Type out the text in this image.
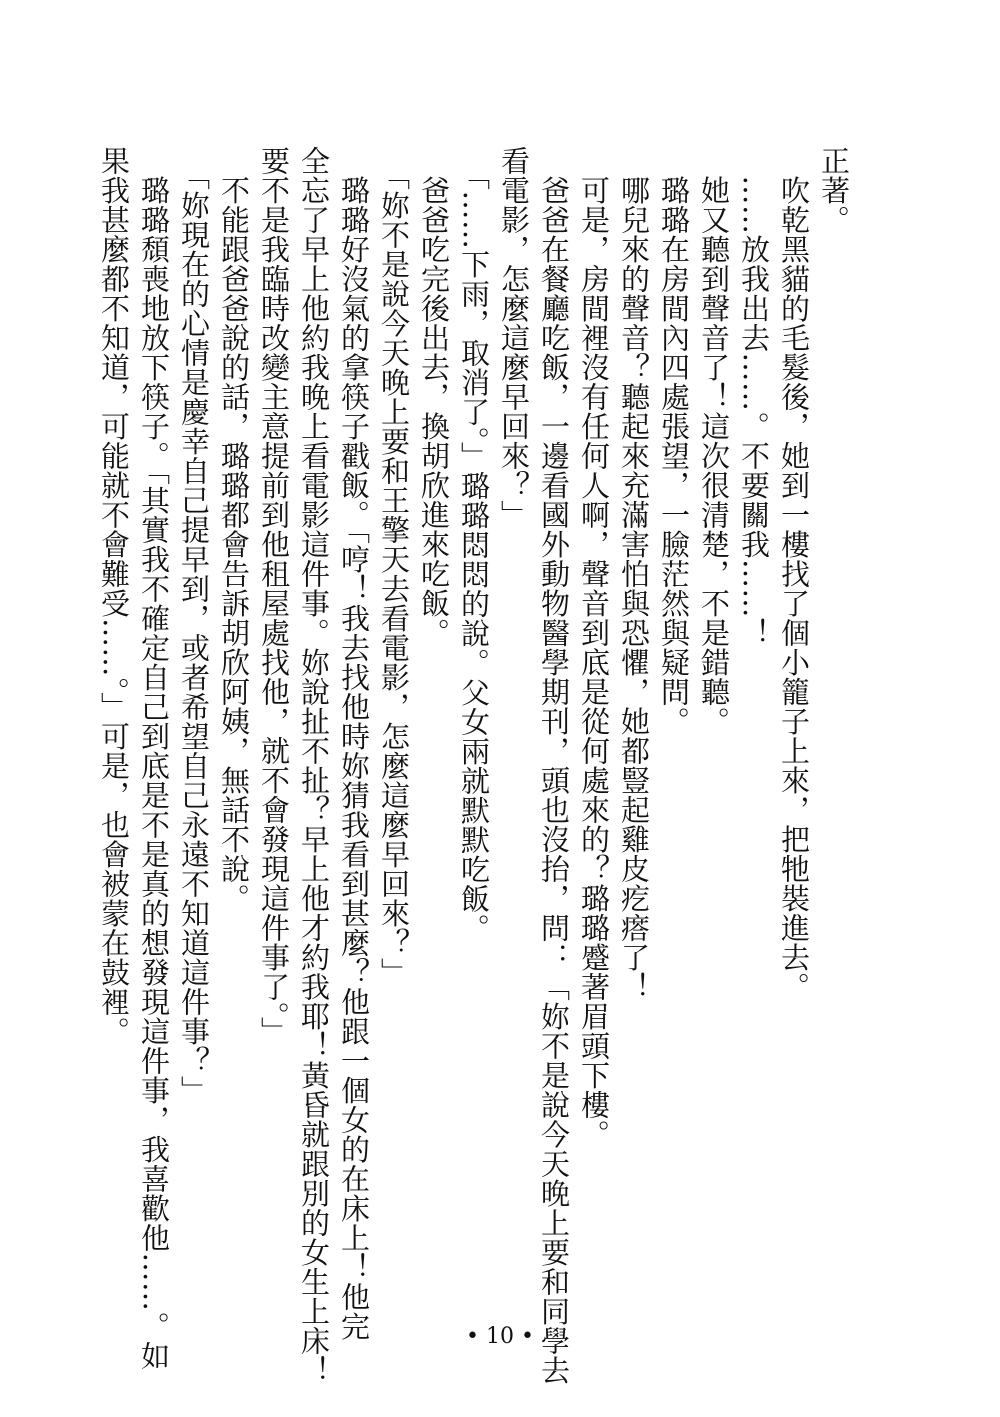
正著。
　吹乾黑貓的毛髮後，她到一樓找了個小籠子上來，把牠裝進去。
　……放我出去……。不要關我……！
　她又聽到聲音了！這次很清楚，不是錯聽。
　璐璐在房間內四處張望，一臉茫然與疑問。
　哪兒來的聲音？聽起來充滿害怕與恐懼，她都豎起雞皮疙瘩了！
　可是，房間裡沒有任何人啊，聲音到底是從何處來的？璐璐蹙著眉頭下樓。
　爸爸在餐廳吃飯，一邊看國外動物醫學期刊，頭也沒抬，問：「妳不是說今天晚上要和同學去
看電影，怎麼這麼早回來？」
　「……下雨，取消了。」璐璐悶悶的說。父女兩就默默吃飯。
　爸爸吃完後出去，換胡欣進來吃飯。
　「妳不是說今天晚上要和王擎天去看電影，怎麼這麼早回來？」
　璐璐好沒氣的拿筷子戳飯。「哼！我去找他時妳猜我看到甚麼？他跟一個女的在床上！他完
全忘了早上他約我晚上看電影這件事。妳說扯不扯？早上他才約我耶！黃昏就跟別的女生上床！
要不是我臨時改變主意提前到他租屋處找他，就不會發現這件事了。」
　不能跟爸爸說的話，璐璐都會告訴胡欣阿姨，無話不說。
　「妳現在的心情是慶幸自己提早到，或者希望自己永遠不知道這件事？」
　璐璐頹喪地放下筷子。「其實我不確定自己到底是不是真的想發現這件事，我喜歡他……。如
果我甚麼都不知道，可能就不會難受……。」可是，也會被蒙在鼓裡。
• 10 •
